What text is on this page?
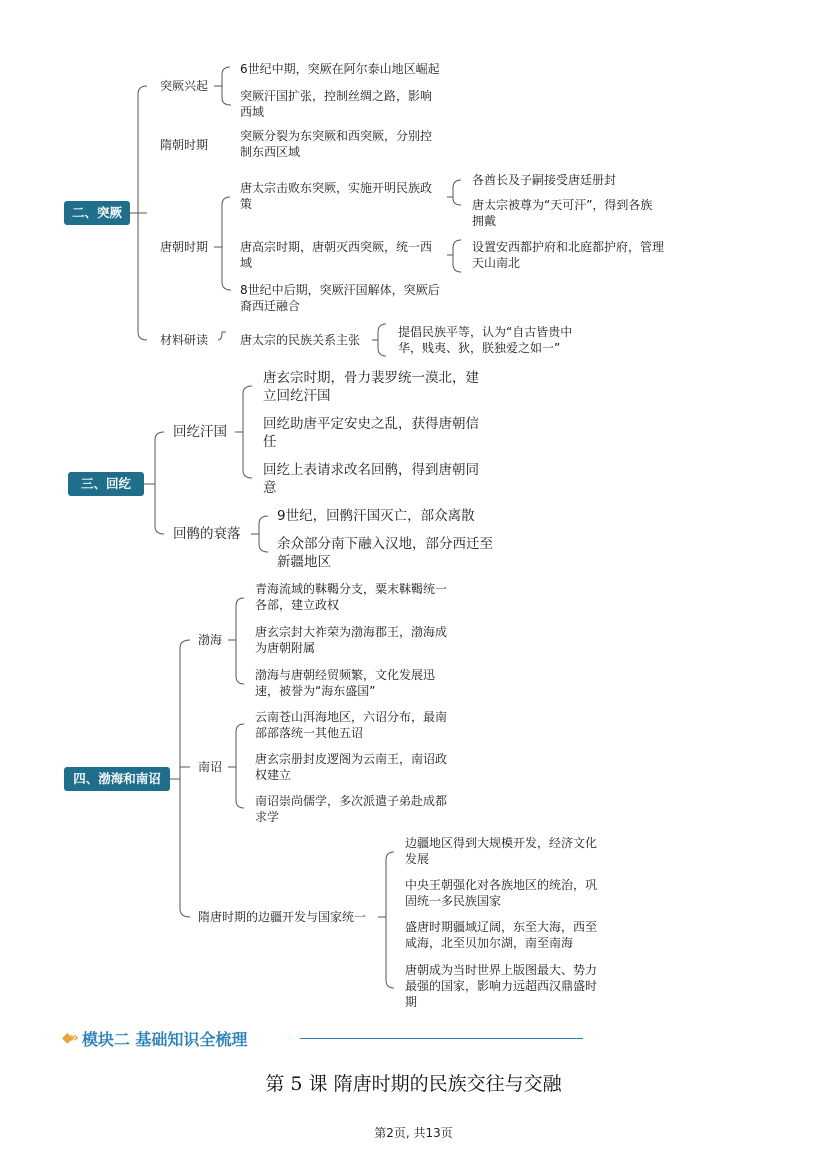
二、突厥
突厥兴起
6世纪中期，突厥在阿尔泰山地区崛起
突厥汗国扩张，控制丝绸之路，影响
西域
隋朝时期
突厥分裂为东突厥和西突厥，分别控
制东西区域
唐朝时期
唐太宗击败东突厥，实施开明民族政
策
各酋长及子嗣接受唐廷册封
唐太宗被尊为“天可汗”，得到各族
拥戴
唐高宗时期，唐朝灭西突厥，统一西
域
设置安西都护府和北庭都护府，管理
天山南北
8世纪中后期，突厥汗国解体，突厥后
裔西迁融合
材料研读	唐太宗的民族关系主张
提倡民族平等，认为“自古皆贵中
华，贱夷、狄，朕独爱之如一”
三、回纥
回纥汗国
唐玄宗时期，骨力裴罗统一漠北，建
立回纥汗国
回纥助唐平定安史之乱，获得唐朝信
任
回纥上表请求改名回鹘，得到唐朝同
意
回鹘的衰落
9世纪，回鹘汗国灭亡，部众离散
余众部分南下融入汉地，部分西迁至
新疆地区
四、渤海和南诏
渤海
青海流域的靺鞨分支，粟末靺鞨统一
各部，建立政权
唐玄宗封大祚荣为渤海郡王，渤海成
为唐朝附属
渤海与唐朝经贸频繁，文化发展迅
速，被誉为“海东盛国”
南诏
云南苍山洱海地区，六诏分布，最南
部部落统一其他五诏
唐玄宗册封皮逻阁为云南王，南诏政
权建立
南诏崇尚儒学，多次派遣子弟赴成都
求学
隋唐时期的边疆开发与国家统一
边疆地区得到大规模开发，经济文化
发展
中央王朝强化对各族地区的统治，巩
固统一多民族国家
盛唐时期疆域辽阔，东至大海，西至
咸海，北至贝加尔湖，南至南海
唐朝成为当时世界上版图最大、势力
最强的国家，影响力远超西汉鼎盛时
期
◆» 模块二 基础知识全梳理
第 5 课 隋唐时期的民族交往与交融
第2页, 共13页
